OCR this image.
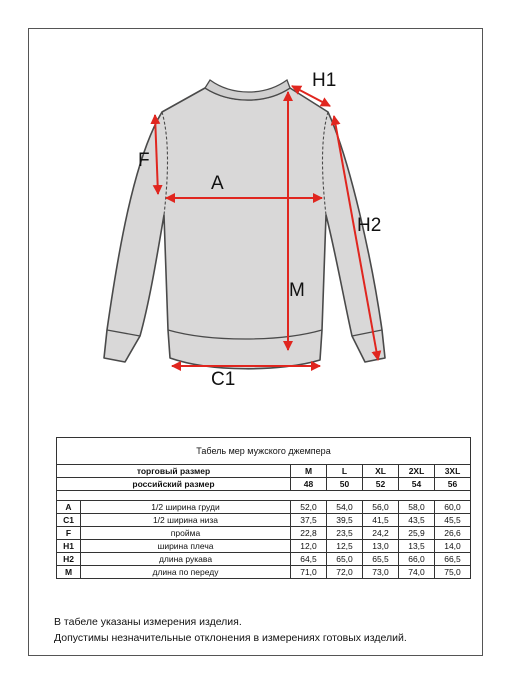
A
C1
F
H1
H2
M
Табель мер мужского джемпера						
торговый размер		M	L	XL	2XL	3XL
российский размер		48	50	52	54	56

A	1/2 ширина груди	52,0	54,0	56,0	58,0	60,0
C1	1/2 ширина низа	37,5	39,5	41,5	43,5	45,5
F	пройма	22,8	23,5	24,2	25,9	26,6
H1	ширина плеча	12,0	12,5	13,0	13,5	14,0
H2	длина рукава	64,5	65,0	65,5	66,0	66,5
M	длина по переду	71,0	72,0	73,0	74,0	75,0
В табеле указаны измерения изделия.
Допустимы незначительные отклонения в измерениях готовых изделий.
